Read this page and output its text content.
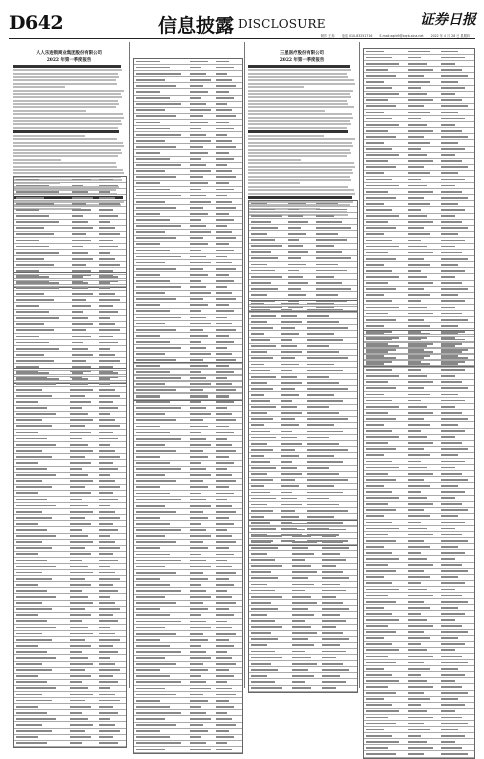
D642	信息披露 DISCLOSURE	证券日报
制作 王寿 电话 010-83251716 E-mail:zqrb9@zqrb.sina.net 2022 年 4 月 28 日 星期四
人人乐连锁商业集团股份有限公司
2022 年第一季度报告
三星医疗股份有限公司
2022 年第一季度报告
